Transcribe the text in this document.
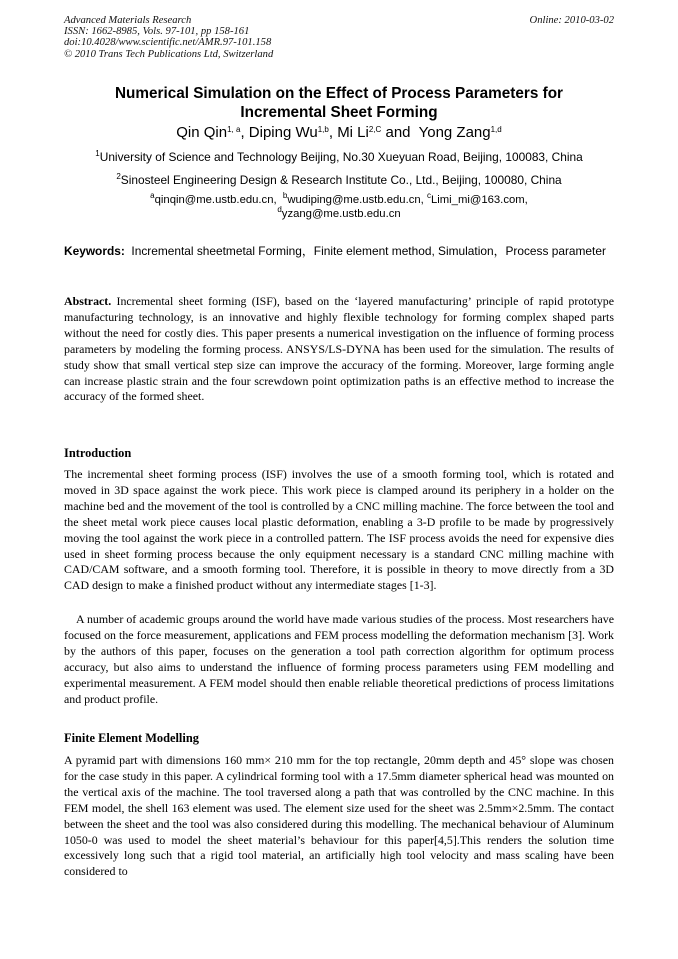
Advanced Materials Research
ISSN: 1662-8985, Vols. 97-101, pp 158-161
doi:10.4028/www.scientific.net/AMR.97-101.158
© 2010 Trans Tech Publications Ltd, Switzerland
Online: 2010-03-02
Numerical Simulation on the Effect of Process Parameters for
Incremental Sheet Forming
Qin Qin$^{1, a}$, Diping Wu$^{1,b}$, Mi $Li^{2,C}$ and Yong Zang$^{1,d}$
$^1$University of Science and Technology Beijing, No.30 Xueyuan Road, Beijing, 100083, China
$^2$Sinosteel Engineering Design & Research Institute Co., Ltd., Beijing, 100080, China
$^a$qinqin@me.ustb.edu.cn, $^b$wudiping@me.ustb.edu.cn, $^c$Limi_mi@163.com,
$^d$yzang@me.ustb.edu.cn
Keywords: Incremental sheetmetal Forming，Finite element method, Simulation，Process parameter

Abstract. Incremental sheet forming (ISF), based on the ‘layered manufacturing’ principle of rapid prototype manufacturing technology, is an innovative and highly flexible technology for forming complex shaped parts without the need for costly dies. This paper presents a numerical investigation on the influence of forming process parameters by modeling the forming process. ANSYS/LS-DYNA has been used for the simulation. The results of study show that small vertical step size can improve the accuracy of the forming. Moreover, large forming angle can increase plastic strain and the four screwdown point optimization paths is an effective method to increase the accuracy of the formed sheet.

Introduction

The incremental sheet forming process (ISF) involves the use of a smooth forming tool, which is rotated and moved in 3D space against the work piece. This work piece is clamped around its periphery in a holder on the machine bed and the movement of the tool is controlled by a CNC milling machine. The force between the tool and the sheet metal work piece causes local plastic deformation, enabling a 3-D profile to be made by progressively moving the tool against the work piece in a controlled pattern. The ISF process avoids the need for expensive dies used in sheet forming process because the only equipment necessary is a standard CNC milling machine with CAD/CAM software, and a smooth forming tool. Therefore, it is possible in theory to move directly from a 3D CAD design to make a finished product without any intermediate stages [1-3].

A number of academic groups around the world have made various studies of the process. Most researchers have focused on the force measurement, applications and FEM process modelling the deformation mechanism [3]. Work by the authors of this paper, focuses on the generation a tool path correction algorithm for optimum process accuracy, but also aims to understand the influence of forming process parameters using FEM modelling and experimental measurement. A FEM model should then enable reliable theoretical predictions of process limitations and product profile.

Finite Element Modelling

A pyramid part with dimensions 160 mm× 210 mm for the top rectangle, 20mm depth and 45° slope was chosen for the case study in this paper. A cylindrical forming tool with a 17.5mm diameter spherical head was mounted on the vertical axis of the machine. The tool traversed along a path that was controlled by the CNC machine. In this FEM model, the shell 163 element was used. The element size used for the sheet was 2.5mm×2.5mm. The contact between the sheet and the tool was also considered during this modelling. The mechanical behaviour of Aluminum 1050-0 was used to model the sheet material’s behaviour for this paper[4,5].This renders the solution time excessively long such that a rigid tool material, an artificially high tool velocity and mass scaling have been considered to
